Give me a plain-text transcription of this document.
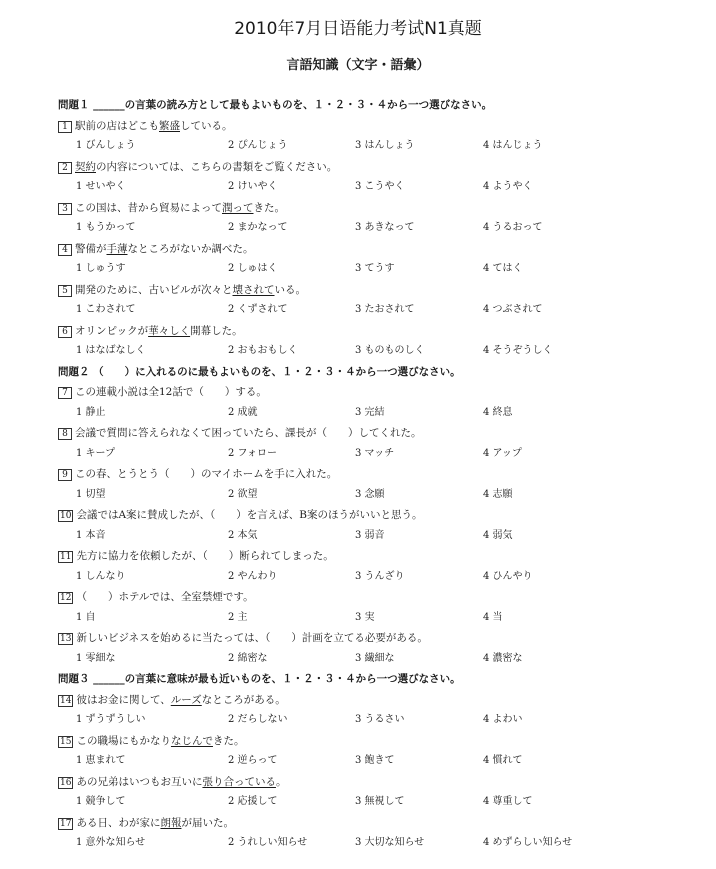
2010年7月日语能力考试N1真题
言語知識（文字・語彙）
問題１ ______の言葉の読み方として最もよいものを、１・２・３・４から一つ選びなさい。
1 駅前の店はどこも繁盛している。
1 びんしょう	2 ぴんじょう	3 はんしょう	4 はんじょう
2 契約の内容については、こちらの書類をご覧ください。
1 せいやく	2 けいやく	3 こうやく	4 ようやく
3 この国は、昔から貿易によって潤ってきた。
1 もうかって	2 まかなって	3 あきなって	4 うるおって
4 警備が手薄なところがないか調べた。
1 しゅうす	2 しゅはく	3 てうす	4 てはく
5 開発のために、古いビルが次々と壊されている。
1 こわされて	2 くずされて	3 たおされて	4 つぶされて
6 オリンピックが華々しく開幕した。
1 はなばなしく	2 おもおもしく	3 ものものしく	4 そうぞうしく
問題２ （　　）に入れるのに最もよいものを、１・２・３・４から一つ選びなさい。
7 この連載小説は全12話で（　　）する。
1 静止	2 成就	3 完結	4 終息
8 会議で質問に答えられなくて困っていたら、課長が（　　）してくれた。
1 キープ	2 フォロー	3 マッチ	4 アップ
9 この春、とうとう（　　）のマイホームを手に入れた。
1 切望	2 欲望	3 念願	4 志願
10 会議ではA案に賛成したが、（　　）を言えば、B案のほうがいいと思う。
1 本音	2 本気	3 弱音	4 弱気
11 先方に協力を依頼したが、（　　）断られてしまった。
1 しんなり	2 やんわり	3 うんざり	4 ひんやり
12 （　　）ホテルでは、全室禁煙です。
1 自	2 主	3 実	4 当
13 新しいビジネスを始めるに当たっては、（　　）計画を立てる必要がある。
1 零細な	2 綿密な	3 繊細な	4 濃密な
問題３ ______の言葉に意味が最も近いものを、１・２・３・４から一つ選びなさい。
14 彼はお金に関して、ルーズなところがある。
1 ずうずうしい	2 だらしない	3 うるさい	4 よわい
15 この職場にもかなりなじんできた。
1 恵まれて	2 逆らって	3 飽きて	4 慣れて
16 あの兄弟はいつもお互いに張り合っている。
1 競争して	2 応援して	3 無視して	4 尊重して
17 ある日、わが家に朗報が届いた。
1 意外な知らせ	2 うれしい知らせ	3 大切な知らせ	4 めずらしい知らせ
